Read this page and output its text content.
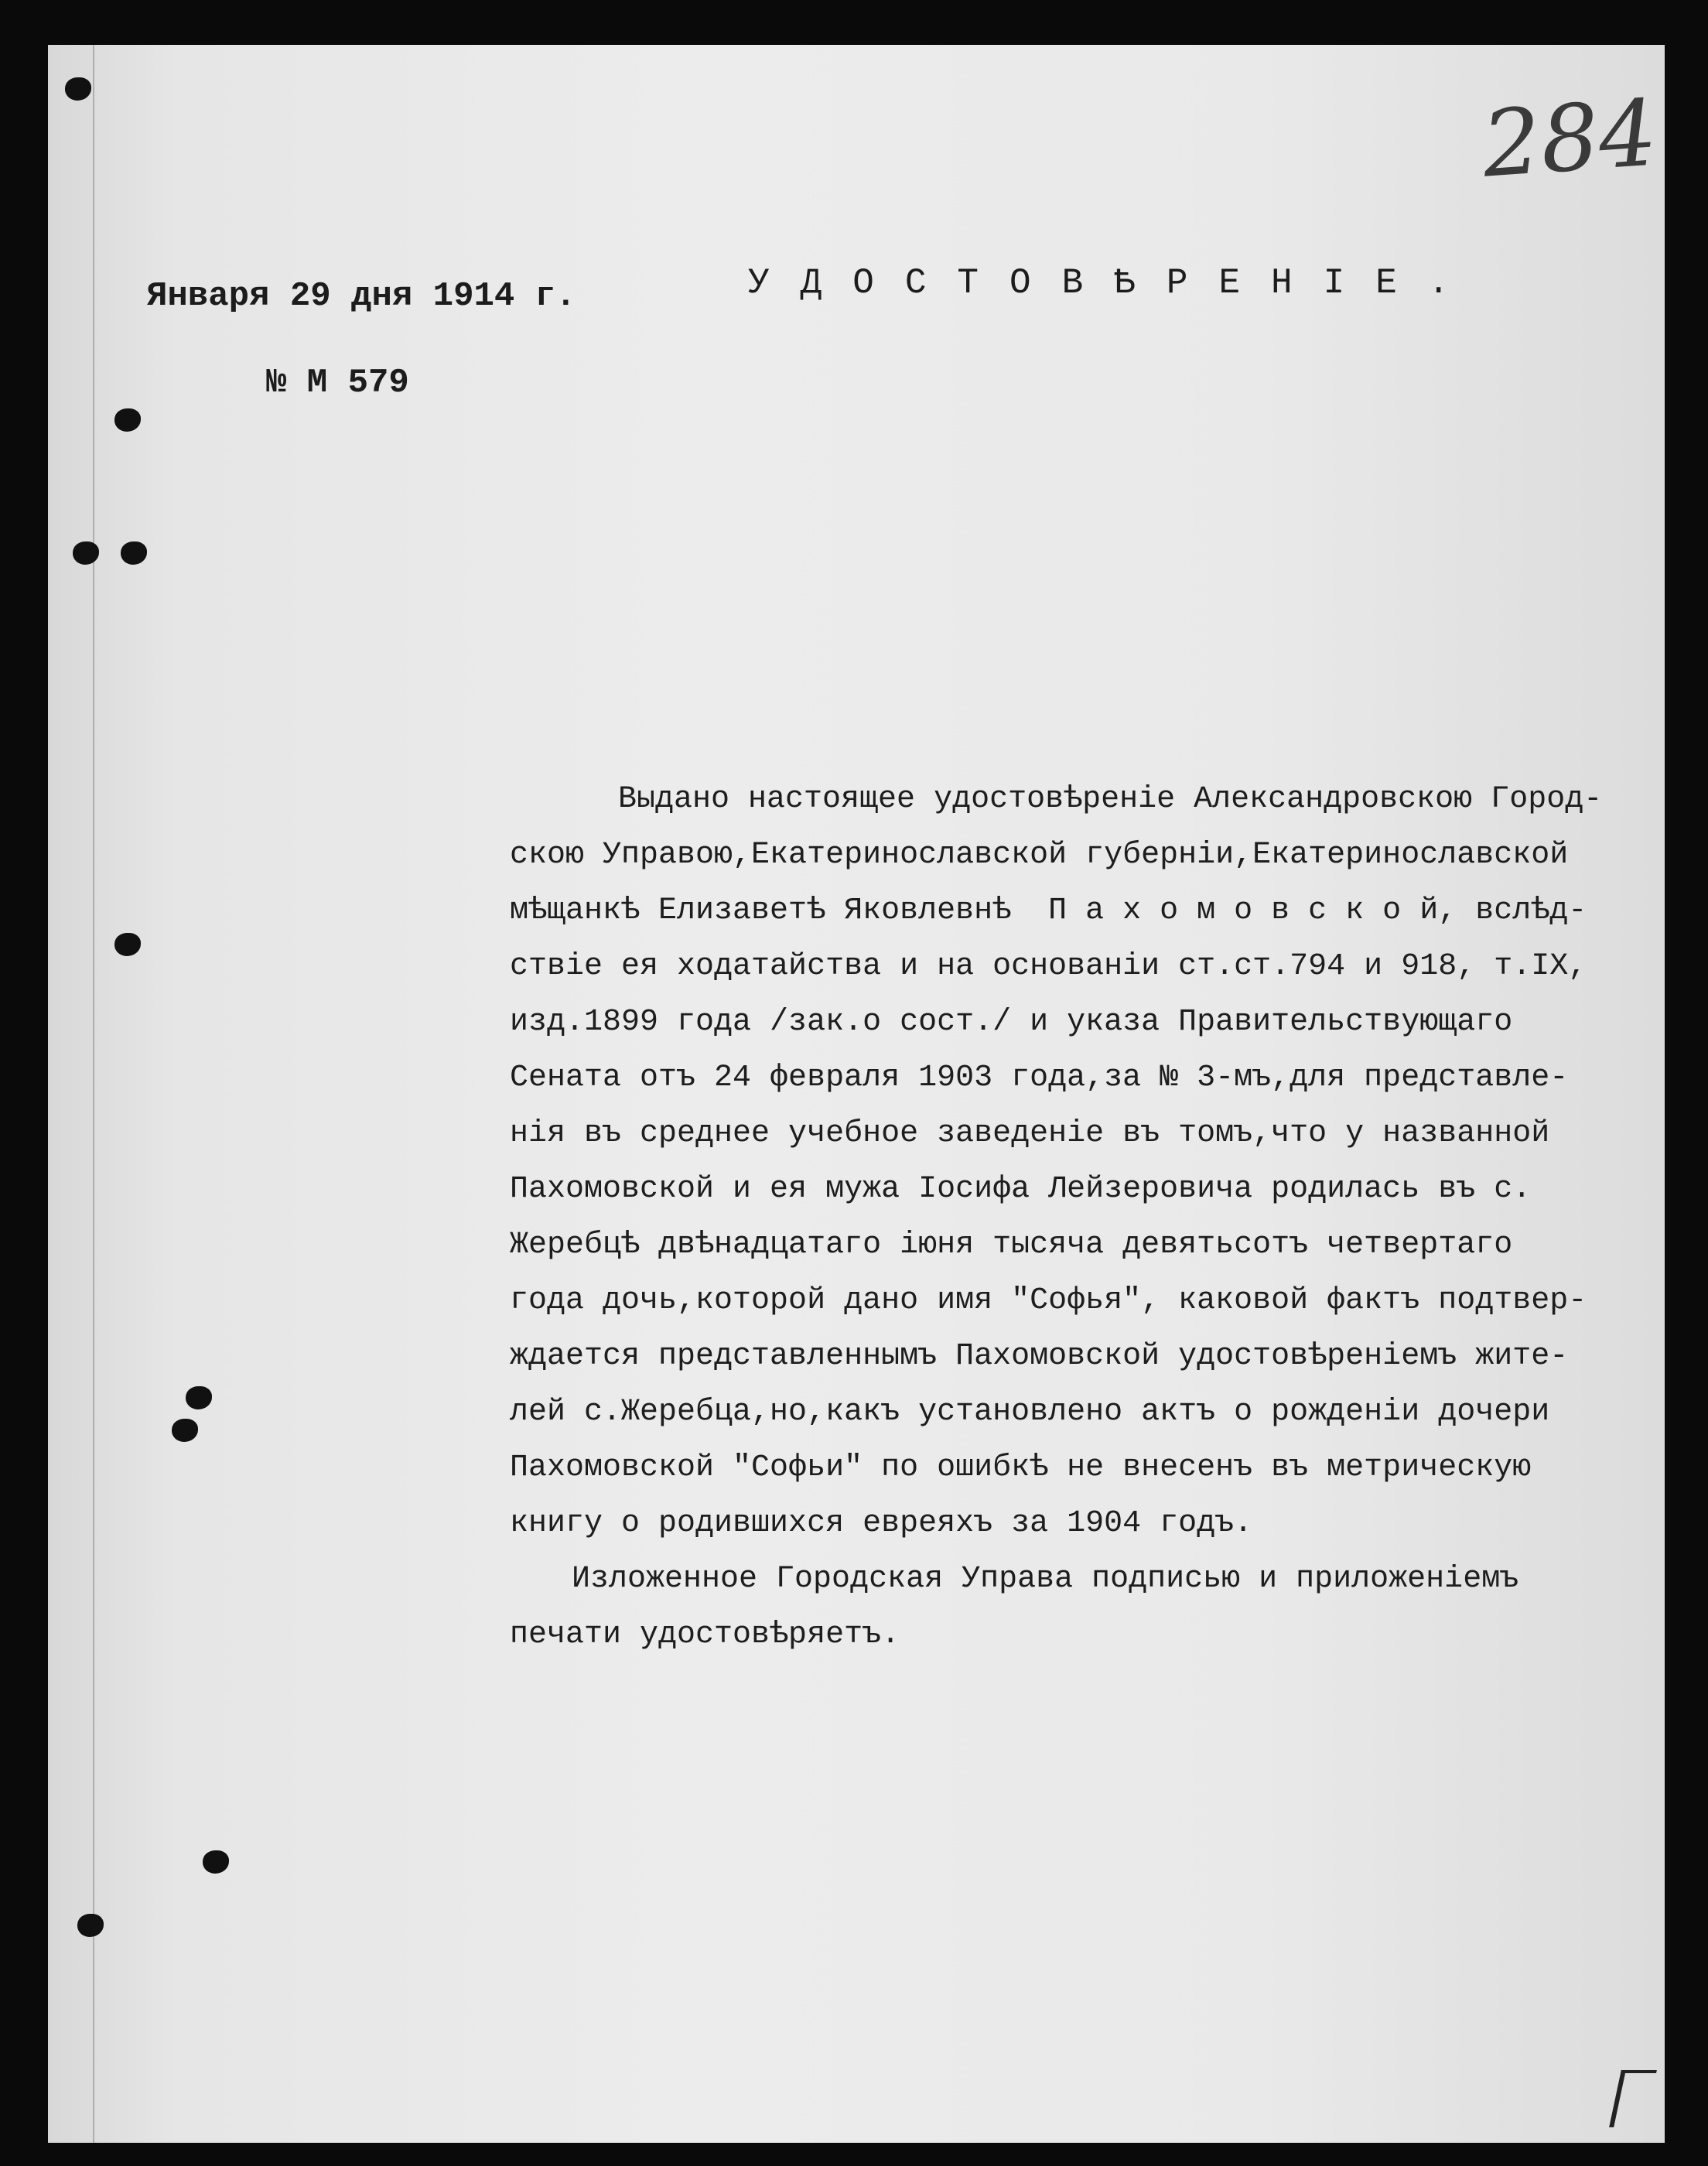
284
Января 29 дня 1914 г.
№ М 579
УДОСТОВѢРЕНІЕ.
Выдано настоящее удостовѣреніе Александровскою Город-
скою Управою,Екатеринославской губерніи,Екатеринославской
мѣщанкѣ Елизаветѣ Яковлевнѣ  П а х о м о в с к о й, вслѣд-
ствіе ея ходатайства и на основаніи ст.ст.794 и 918, т.IX,
изд.1899 года /зак.о сост./ и указа Правительствующаго
Сената отъ 24 февраля 1903 года,за № 3-мъ,для представле-
нія въ среднее учебное заведеніе въ томъ,что у названной
Пахомовской и ея мужа Іосифа Лейзеровича родилась въ с.
Жеребцѣ двѣнадцатаго іюня тысяча девятьсотъ четвертаго
года дочь,которой дано имя "Софья", каковой фактъ подтвер-
ждается представленнымъ Пахомовской удостовѣреніемъ жите-
лей с.Жеребца,но,какъ установлено актъ о рожденіи дочери
Пахомовской "Софьи" по ошибкѣ не внесенъ въ метрическую
книгу о родившихся евреяхъ за 1904 годъ.
Изложенное Городская Управа подписью и приложеніемъ
печати удостовѣряетъ.
